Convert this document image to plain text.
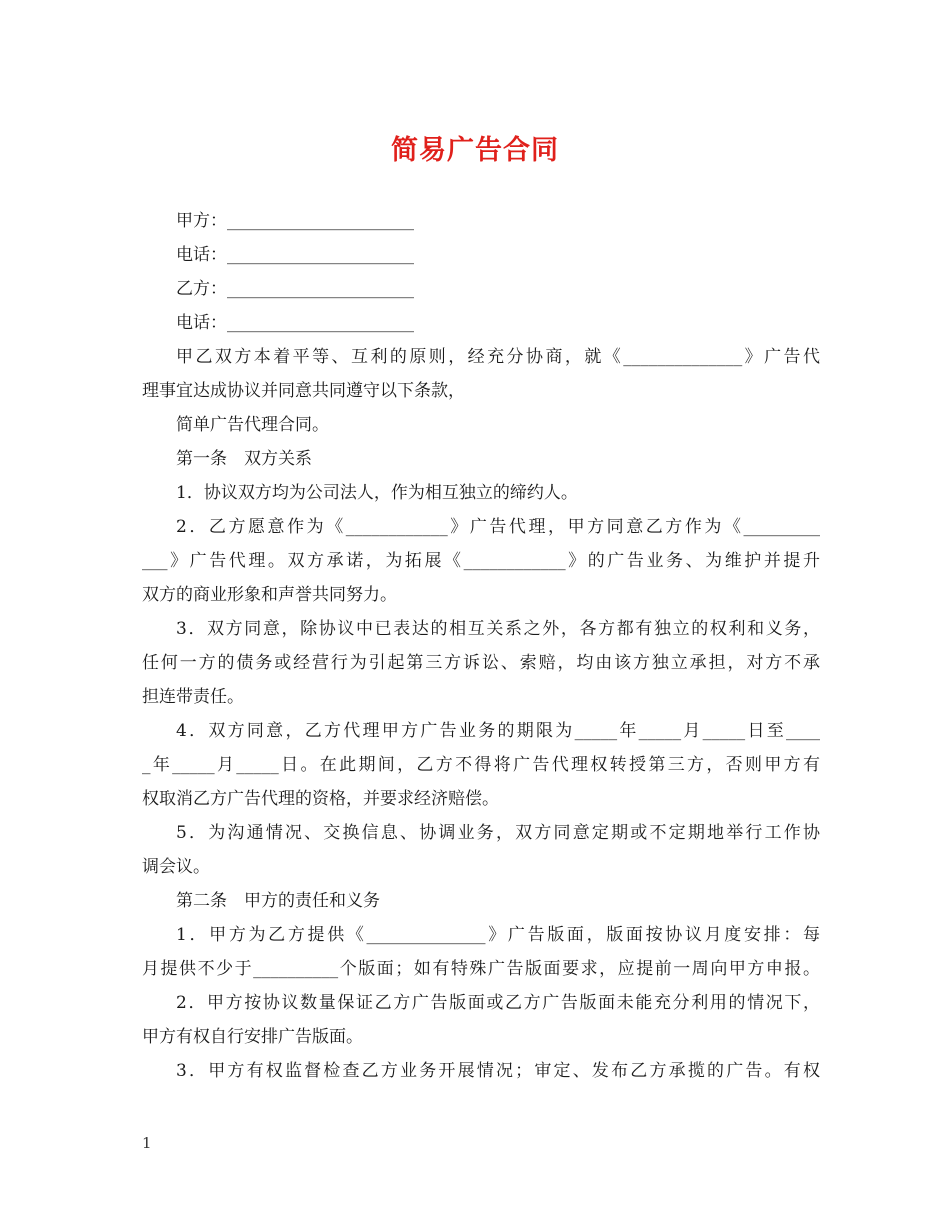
简易广告合同
甲方：______________________
电话：______________________
乙方：______________________
电话：______________________
甲乙双方本着平等、互利的原则，经充分协商，就《______________》广告代
理事宜达成协议并同意共同遵守以下条款，
简单广告代理合同。
第一条　双方关系
1．协议双方均为公司法人，作为相互独立的缔约人。
2．乙方愿意作为《____________》广告代理，甲方同意乙方作为《_________
___》广告代理。双方承诺，为拓展《____________》的广告业务、为维护并提升
双方的商业形象和声誉共同努力。
3．双方同意，除协议中已表达的相互关系之外，各方都有独立的权利和义务，
任何一方的债务或经营行为引起第三方诉讼、索赔，均由该方独立承担，对方不承
担连带责任。
4．双方同意，乙方代理甲方广告业务的期限为_____年_____月_____日至____
_年_____月_____日。在此期间，乙方不得将广告代理权转授第三方，否则甲方有
权取消乙方广告代理的资格，并要求经济赔偿。
5．为沟通情况、交换信息、协调业务，双方同意定期或不定期地举行工作协
调会议。
第二条　甲方的责任和义务
1．甲方为乙方提供《______________》广告版面，版面按协议月度安排：每
月提供不少于__________个版面；如有特殊广告版面要求，应提前一周向甲方申报。
2．甲方按协议数量保证乙方广告版面或乙方广告版面未能充分利用的情况下，
甲方有权自行安排广告版面。
3．甲方有权监督检查乙方业务开展情况；审定、发布乙方承揽的广告。有权
1
